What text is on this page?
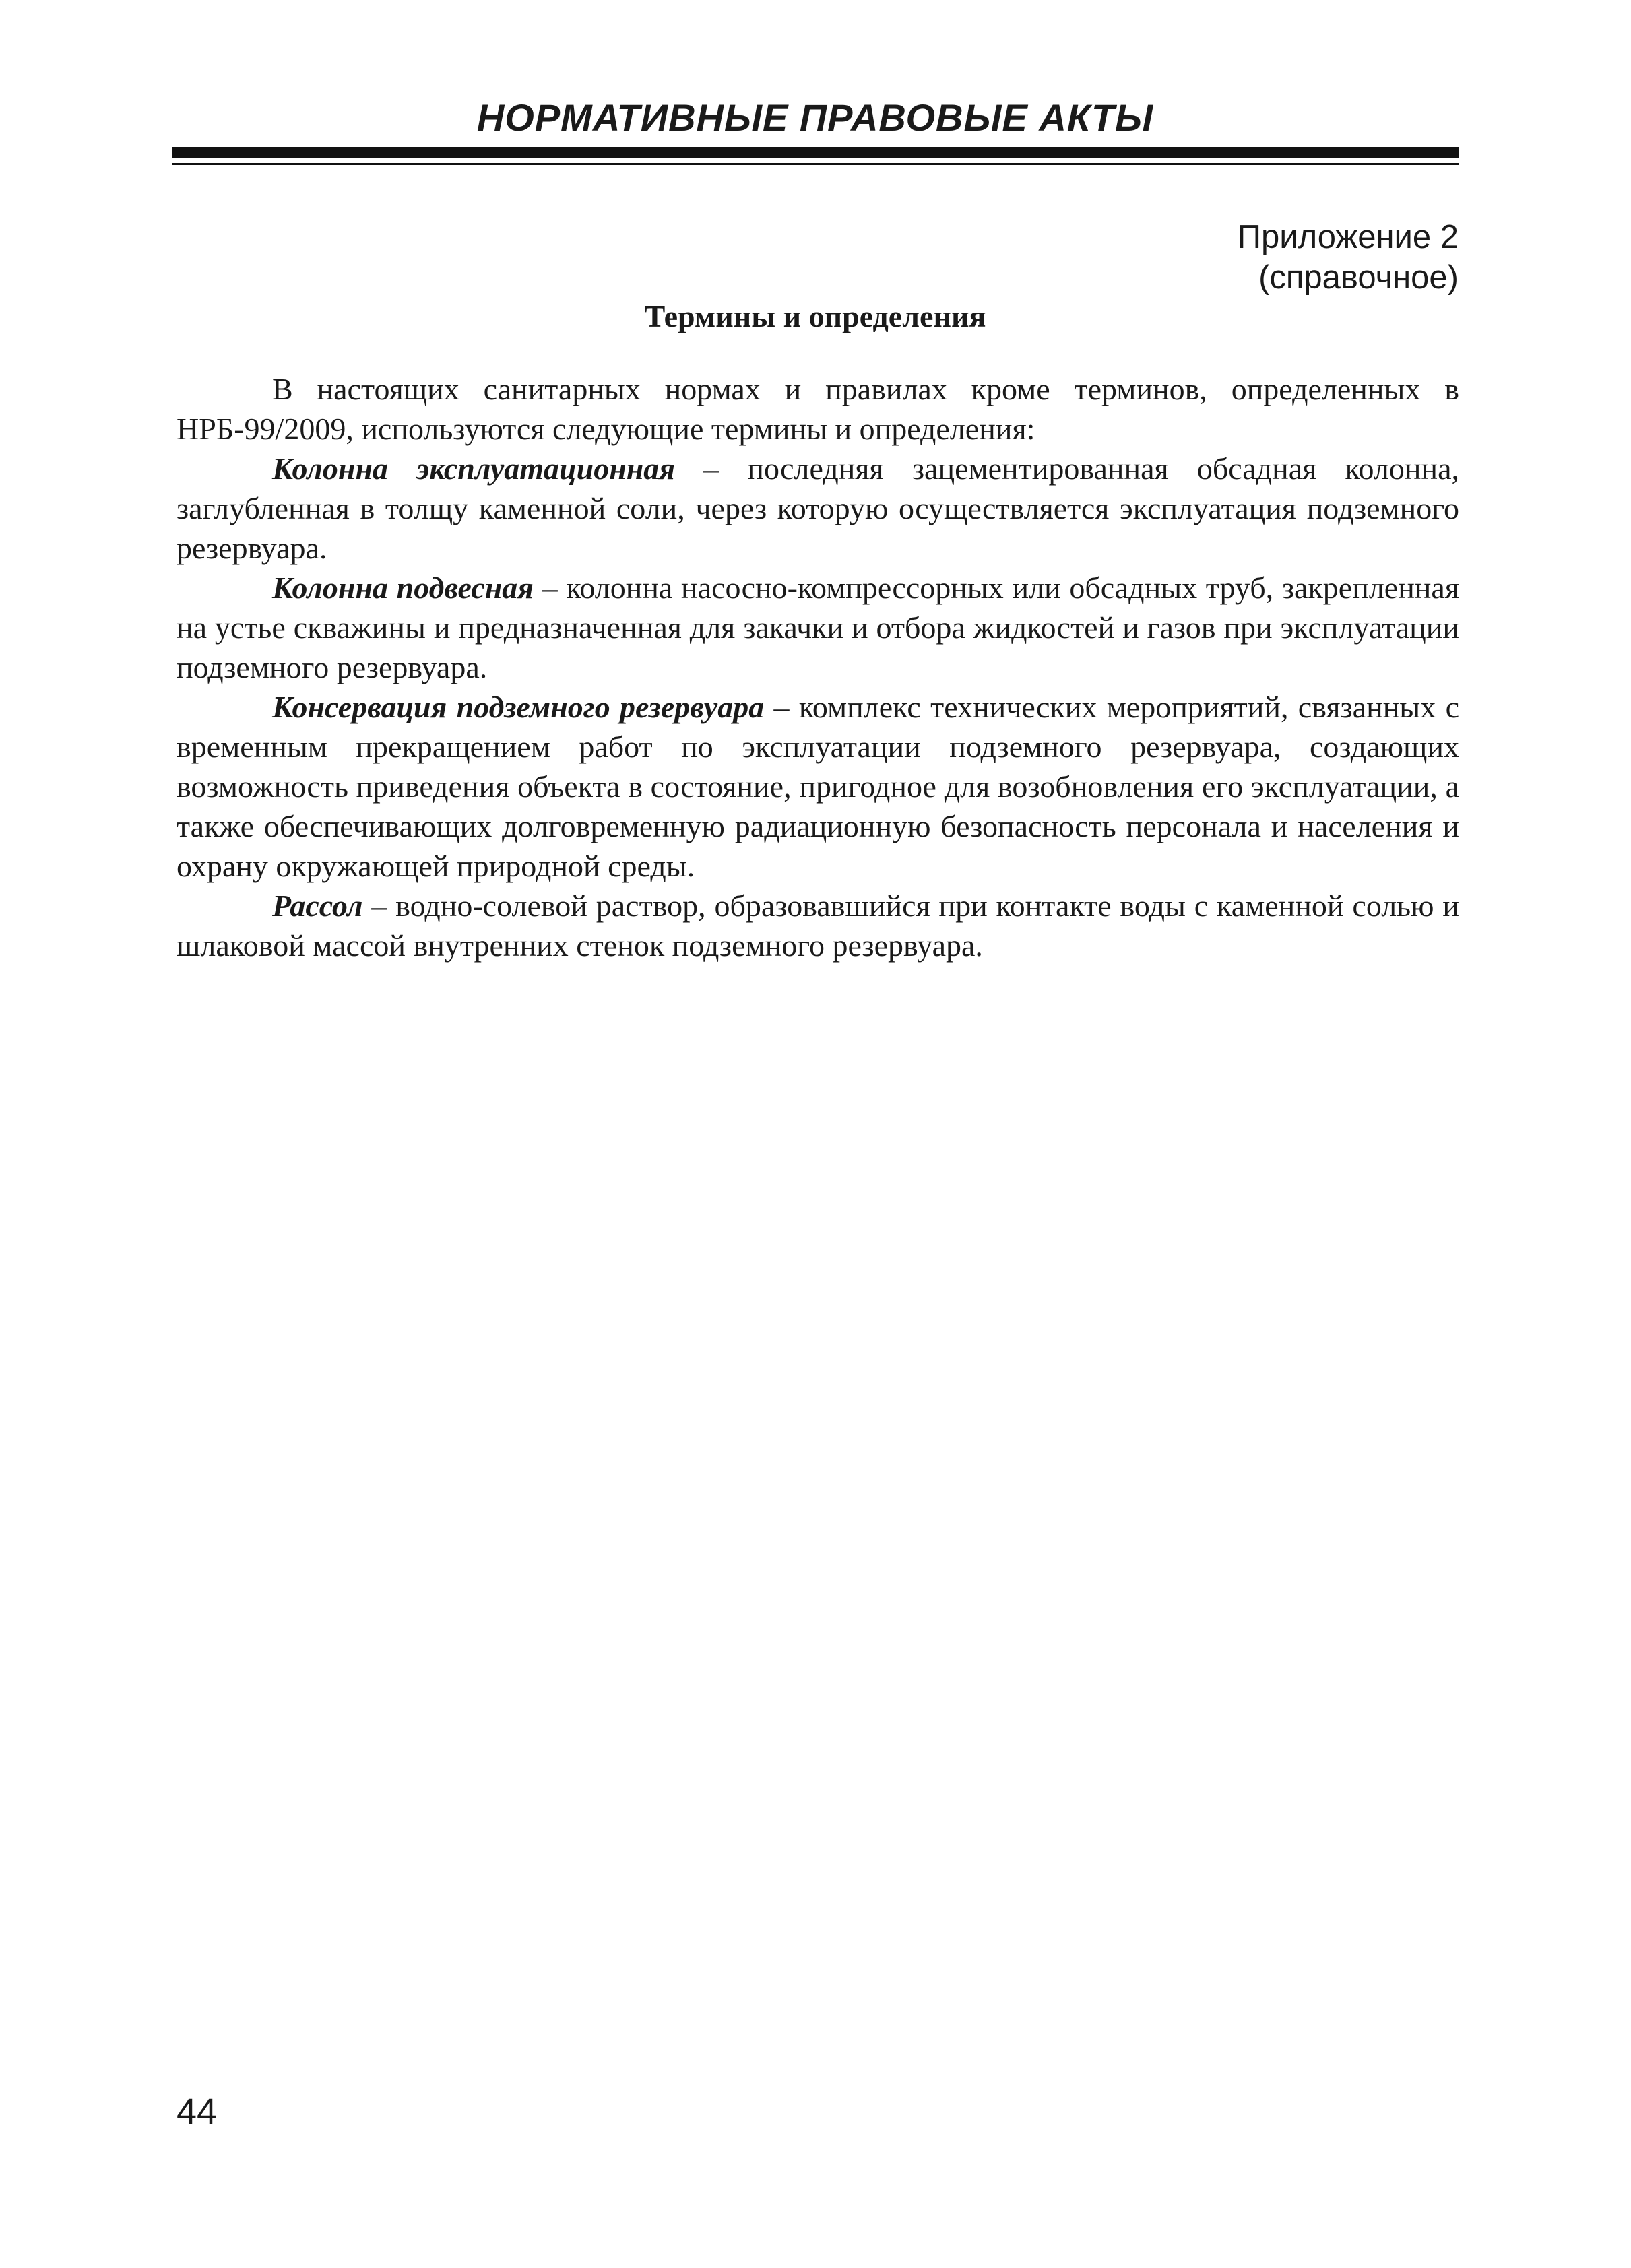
НОРМАТИВНЫЕ ПРАВОВЫЕ АКТЫ
Приложение 2
(справочное)
Термины и определения

В настоящих санитарных нормах и правилах кроме терминов, определенных в НРБ-99/2009, используются следующие термины и определения:

Колонна эксплуатационная – последняя зацементированная обсадная колонна, заглубленная в толщу каменной соли, через которую осуществляется эксплуатация подземного резервуара.

Колонна подвесная – колонна насосно-компрессорных или обсадных труб, закрепленная на устье скважины и предназначенная для закачки и отбора жидкостей и газов при эксплуатации подземного резервуара.

Консервация подземного резервуара – комплекс технических мероприятий, связанных с временным прекращением работ по эксплуатации подземного резервуара, создающих возможность приведения объекта в состояние, пригодное для возобновления его эксплуатации, а также обеспечивающих долговременную радиационную безопасность персонала и населения и охрану окружающей природной среды.

Рассол – водно-солевой раствор, образовавшийся при контакте воды с каменной солью и шлаковой массой внутренних стенок подземного резервуара.

44
